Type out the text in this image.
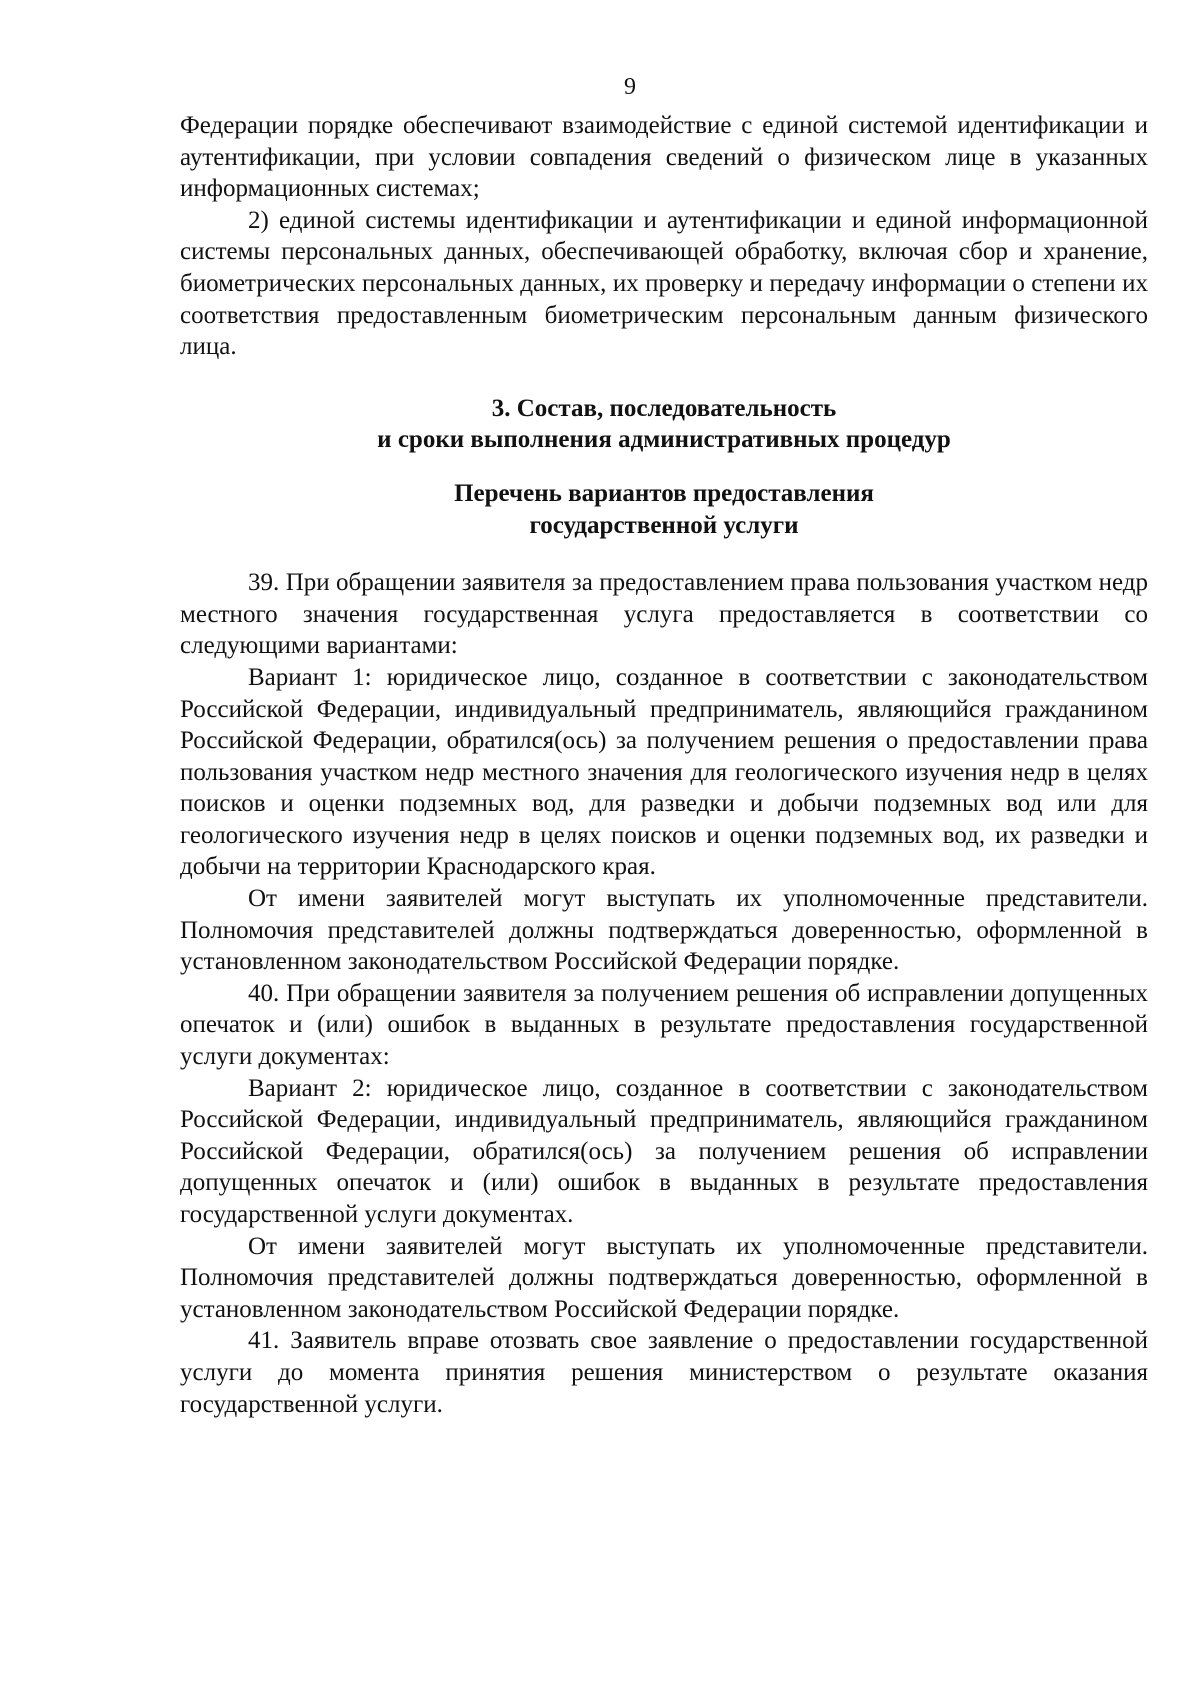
9

Федерации порядке обеспечивают взаимодействие с единой системой идентификации и аутентификации, при условии совпадения сведений о физическом лице в указанных информационных системах;

2) единой системы идентификации и аутентификации и единой информационной системы персональных данных, обеспечивающей обработку, включая сбор и хранение, биометрических персональных данных, их проверку и передачу информации о степени их соответствия предоставленным биометрическим персональным данным физического лица.

3. Состав, последовательность

и сроки выполнения административных процедур

Перечень вариантов предоставления

государственной услуги

39. При обращении заявителя за предоставлением права пользования участком недр местного значения государственная услуга предоставляется в соответствии со следующими вариантами:

Вариант 1: юридическое лицо, созданное в соответствии с законодательством Российской Федерации, индивидуальный предприниматель, являющийся гражданином Российской Федерации, обратился(ось) за получением решения о предоставлении права пользования участком недр местного значения для геологического изучения недр в целях поисков и оценки подземных вод, для разведки и добычи подземных вод или для геологического изучения недр в целях поисков и оценки подземных вод, их разведки и добычи на территории Краснодарского края.

От имени заявителей могут выступать их уполномоченные представители. Полномочия представителей должны подтверждаться доверенностью, оформленной в установленном законодательством Российской Федерации порядке.

40. При обращении заявителя за получением решения об исправлении допущенных опечаток и (или) ошибок в выданных в результате предоставления государственной услуги документах:

Вариант 2: юридическое лицо, созданное в соответствии с законодательством Российской Федерации, индивидуальный предприниматель, являющийся гражданином Российской Федерации, обратился(ось) за получением решения об исправлении допущенных опечаток и (или) ошибок в выданных в результате предоставления государственной услуги документах.

От имени заявителей могут выступать их уполномоченные представители. Полномочия представителей должны подтверждаться доверенностью, оформленной в установленном законодательством Российской Федерации порядке.

41. Заявитель вправе отозвать свое заявление о предоставлении государственной услуги до момента принятия решения министерством о результате оказания государственной услуги.
